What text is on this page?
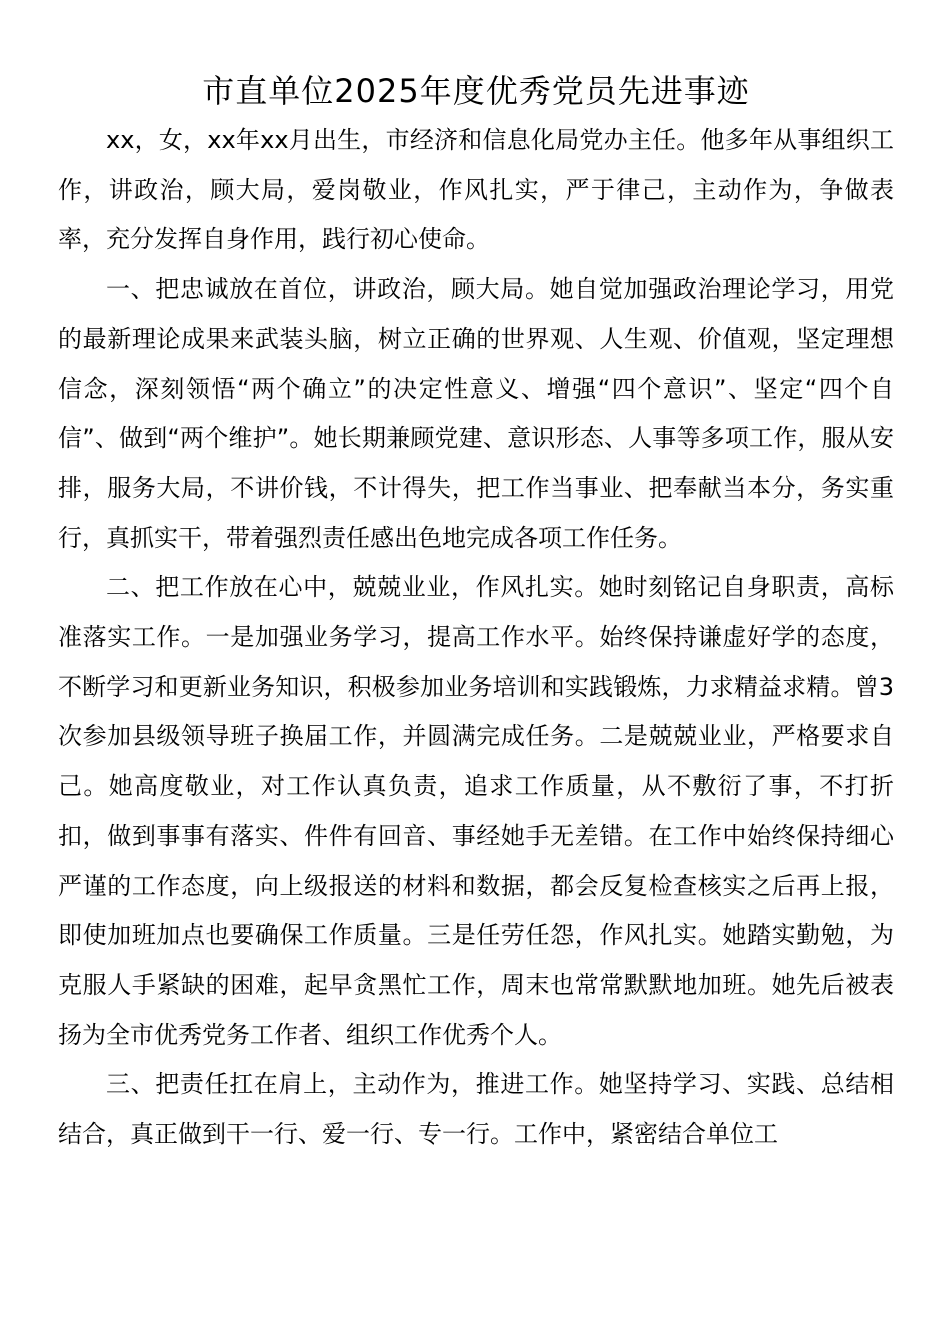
市直单位2025年度优秀党员先进事迹

xx，女，xx年xx月出生，市经济和信息化局党办主任。他多年从事组织工作，讲政治，顾大局，爱岗敬业，作风扎实，严于律己，主动作为，争做表率，充分发挥自身作用，践行初心使命。

一、把忠诚放在首位，讲政治，顾大局。她自觉加强政治理论学习，用党的最新理论成果来武装头脑，树立正确的世界观、人生观、价值观，坚定理想信念，深刻领悟“两个确立”的决定性意义、增强“四个意识”、坚定“四个自信”、做到“两个维护”。她长期兼顾党建、意识形态、人事等多项工作，服从安排，服务大局，不讲价钱，不计得失，把工作当事业、把奉献当本分，务实重行，真抓实干，带着强烈责任感出色地完成各项工作任务。

二、把工作放在心中，兢兢业业，作风扎实。她时刻铭记自身职责，高标准落实工作。一是加强业务学习，提高工作水平。始终保持谦虚好学的态度，不断学习和更新业务知识，积极参加业务培训和实践锻炼，力求精益求精。曾3次参加县级领导班子换届工作，并圆满完成任务。二是兢兢业业，严格要求自己。她高度敬业，对工作认真负责，追求工作质量，从不敷衍了事，不打折扣，做到事事有落实、件件有回音、事经她手无差错。在工作中始终保持细心严谨的工作态度，向上级报送的材料和数据，都会反复检查核实之后再上报，即使加班加点也要确保工作质量。三是任劳任怨，作风扎实。她踏实勤勉，为克服人手紧缺的困难，起早贪黑忙工作，周末也常常默默地加班。她先后被表扬为全市优秀党务工作者、组织工作优秀个人。

三、把责任扛在肩上，主动作为，推进工作。她坚持学习、实践、总结相结合，真正做到干一行、爱一行、专一行。工作中，紧密结合单位工
